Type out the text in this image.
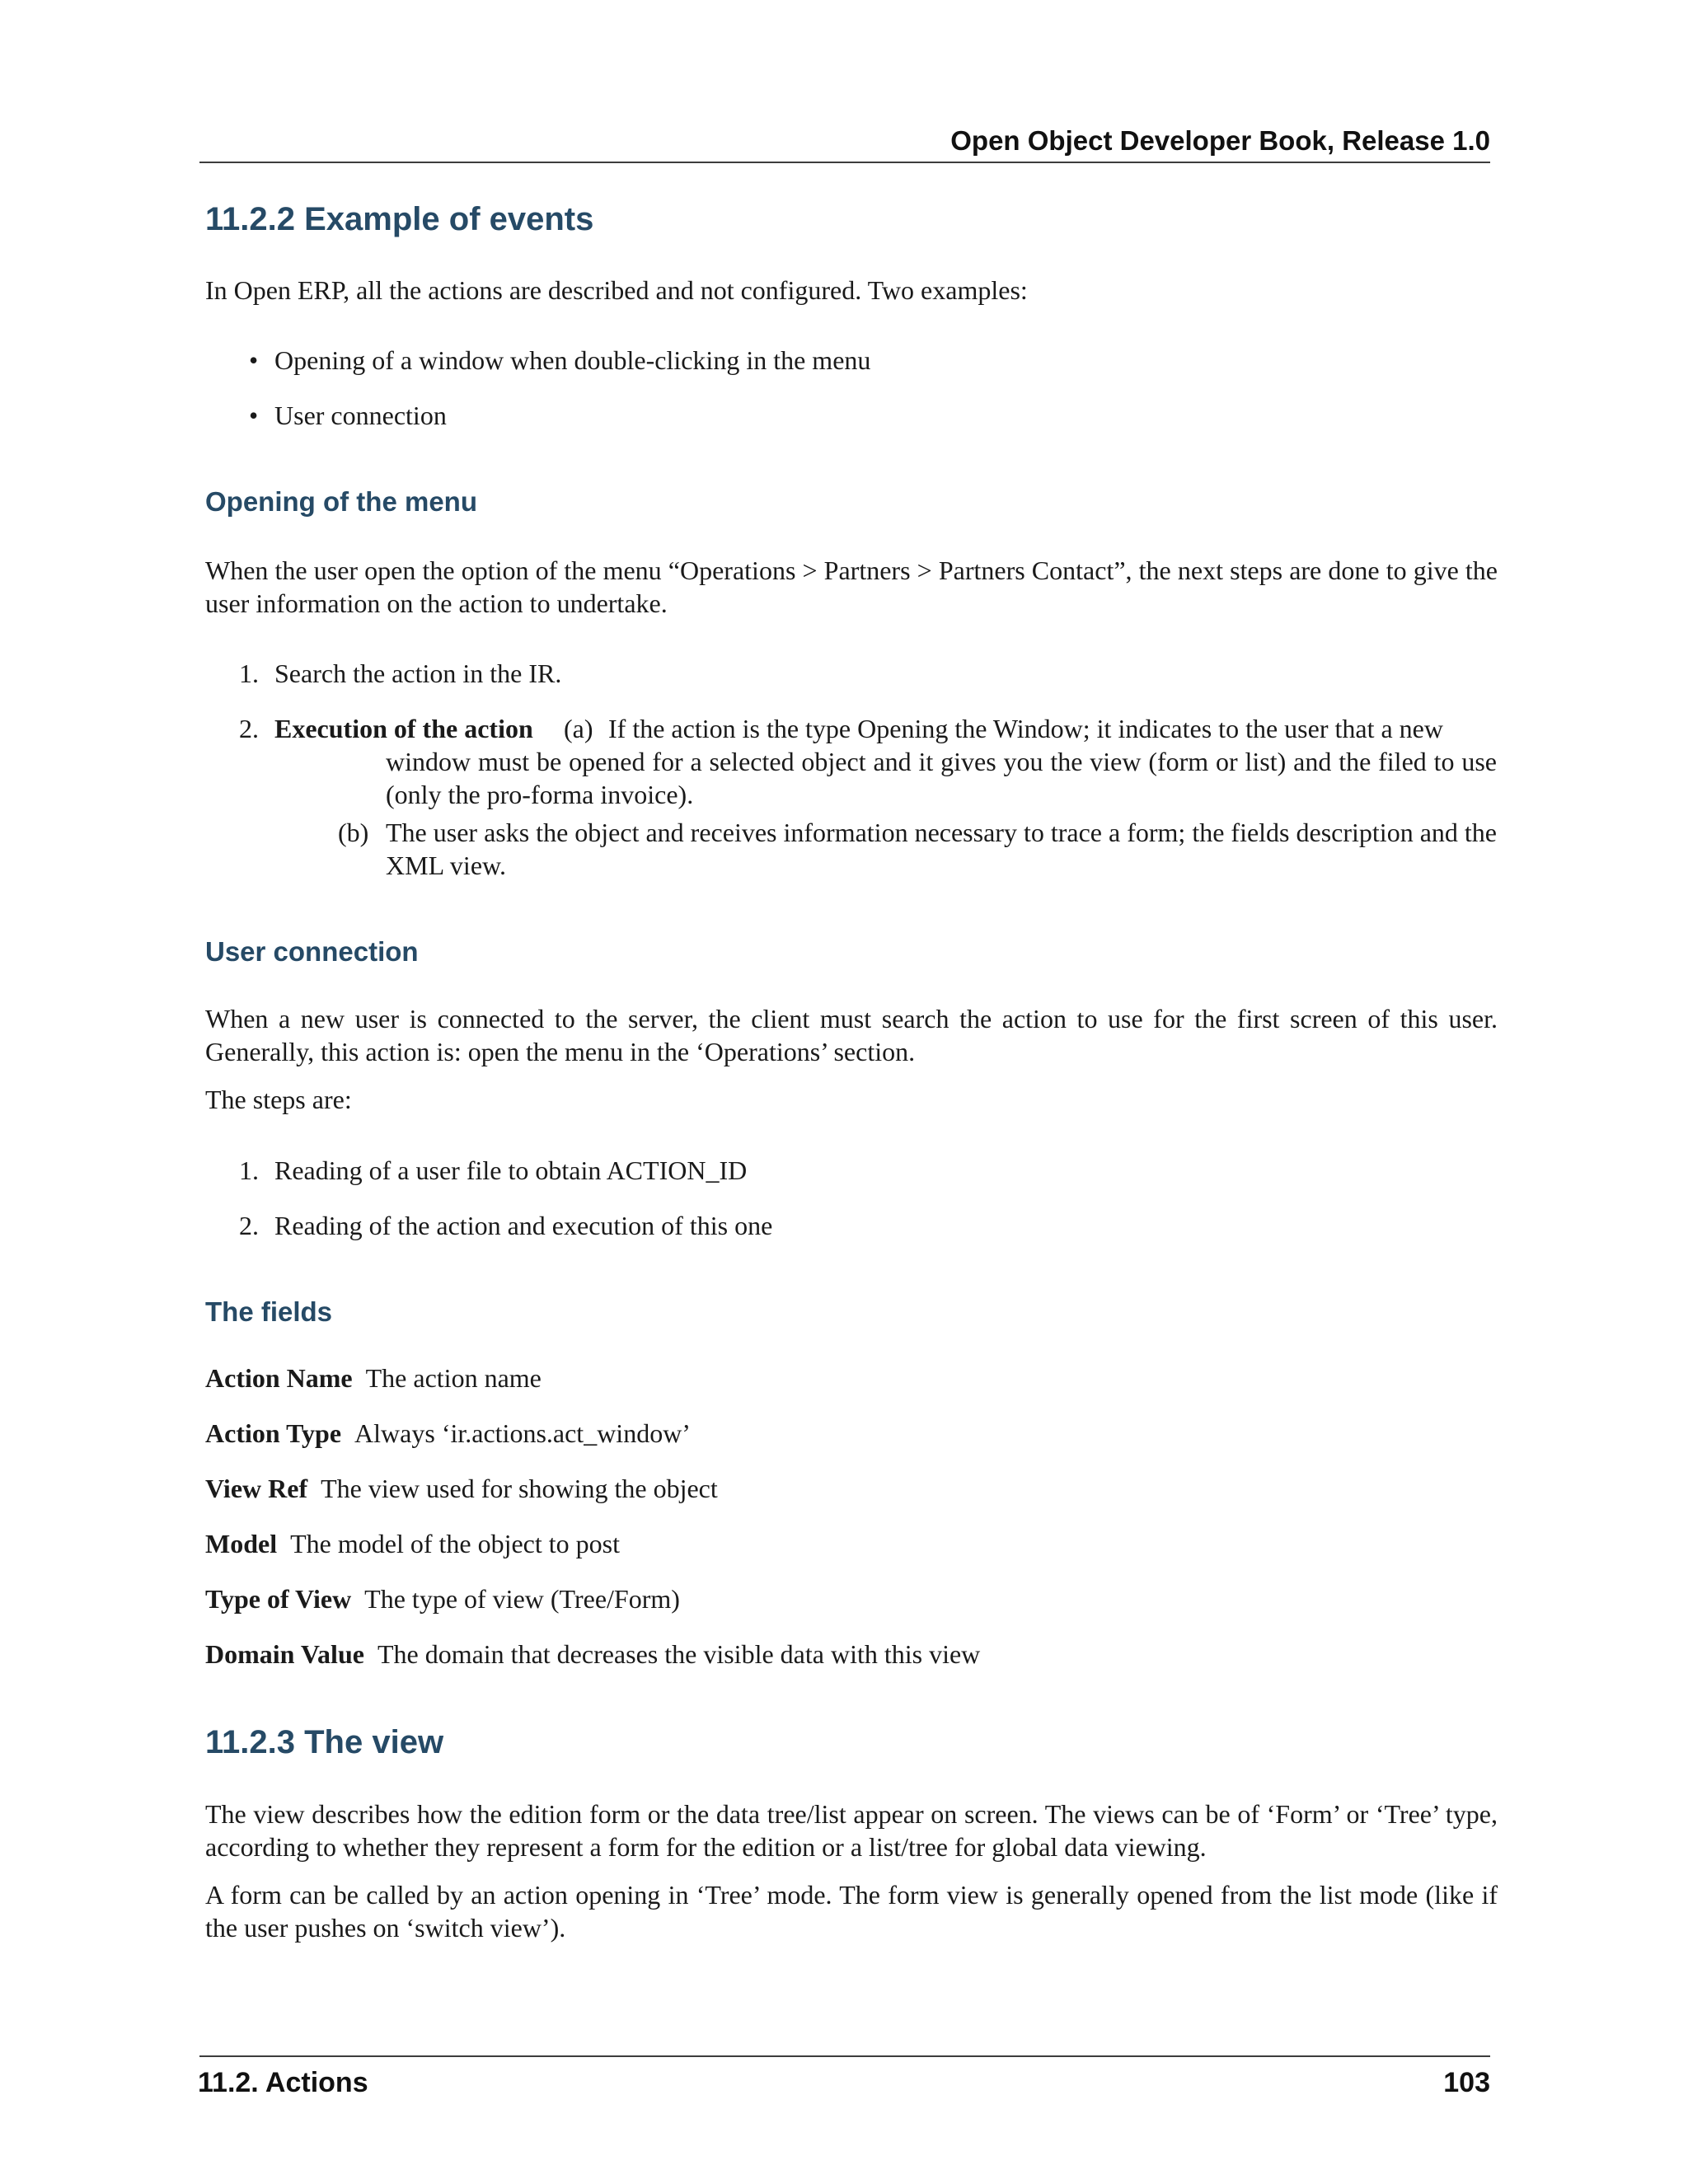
Open Object Developer Book, Release 1.0
11.2.2 Example of events
In Open ERP, all the actions are described and not configured. Two examples:
• Opening of a window when double-clicking in the menu
• User connection
Opening of the menu
When the user open the option of the menu “Operations > Partners > Partners Contact”, the next steps are done to give the user information on the action to undertake.
1. Search the action in the IR.
2. Execution of the action (a) If the action is the type Opening the Window; it indicates to the user that a new
window must be opened for a selected object and it gives you the view (form or list) and the filed to use (only the pro-forma invoice).
(b) The user asks the object and receives information necessary to trace a form; the fields description and the XML view.
User connection
When a new user is connected to the server, the client must search the action to use for the first screen of this user. Generally, this action is: open the menu in the ‘Operations’ section.
The steps are:
1. Reading of a user file to obtain ACTION_ID
2. Reading of the action and execution of this one
The fields
Action Name The action name
Action Type Always ‘ir.actions.act_window’
View Ref The view used for showing the object
Model The model of the object to post
Type of View The type of view (Tree/Form)
Domain Value The domain that decreases the visible data with this view
11.2.3 The view
The view describes how the edition form or the data tree/list appear on screen. The views can be of ‘Form’ or ‘Tree’ type, according to whether they represent a form for the edition or a list/tree for global data viewing.
A form can be called by an action opening in ‘Tree’ mode. The form view is generally opened from the list mode (like if the user pushes on ‘switch view’).
11.2. Actions	103
